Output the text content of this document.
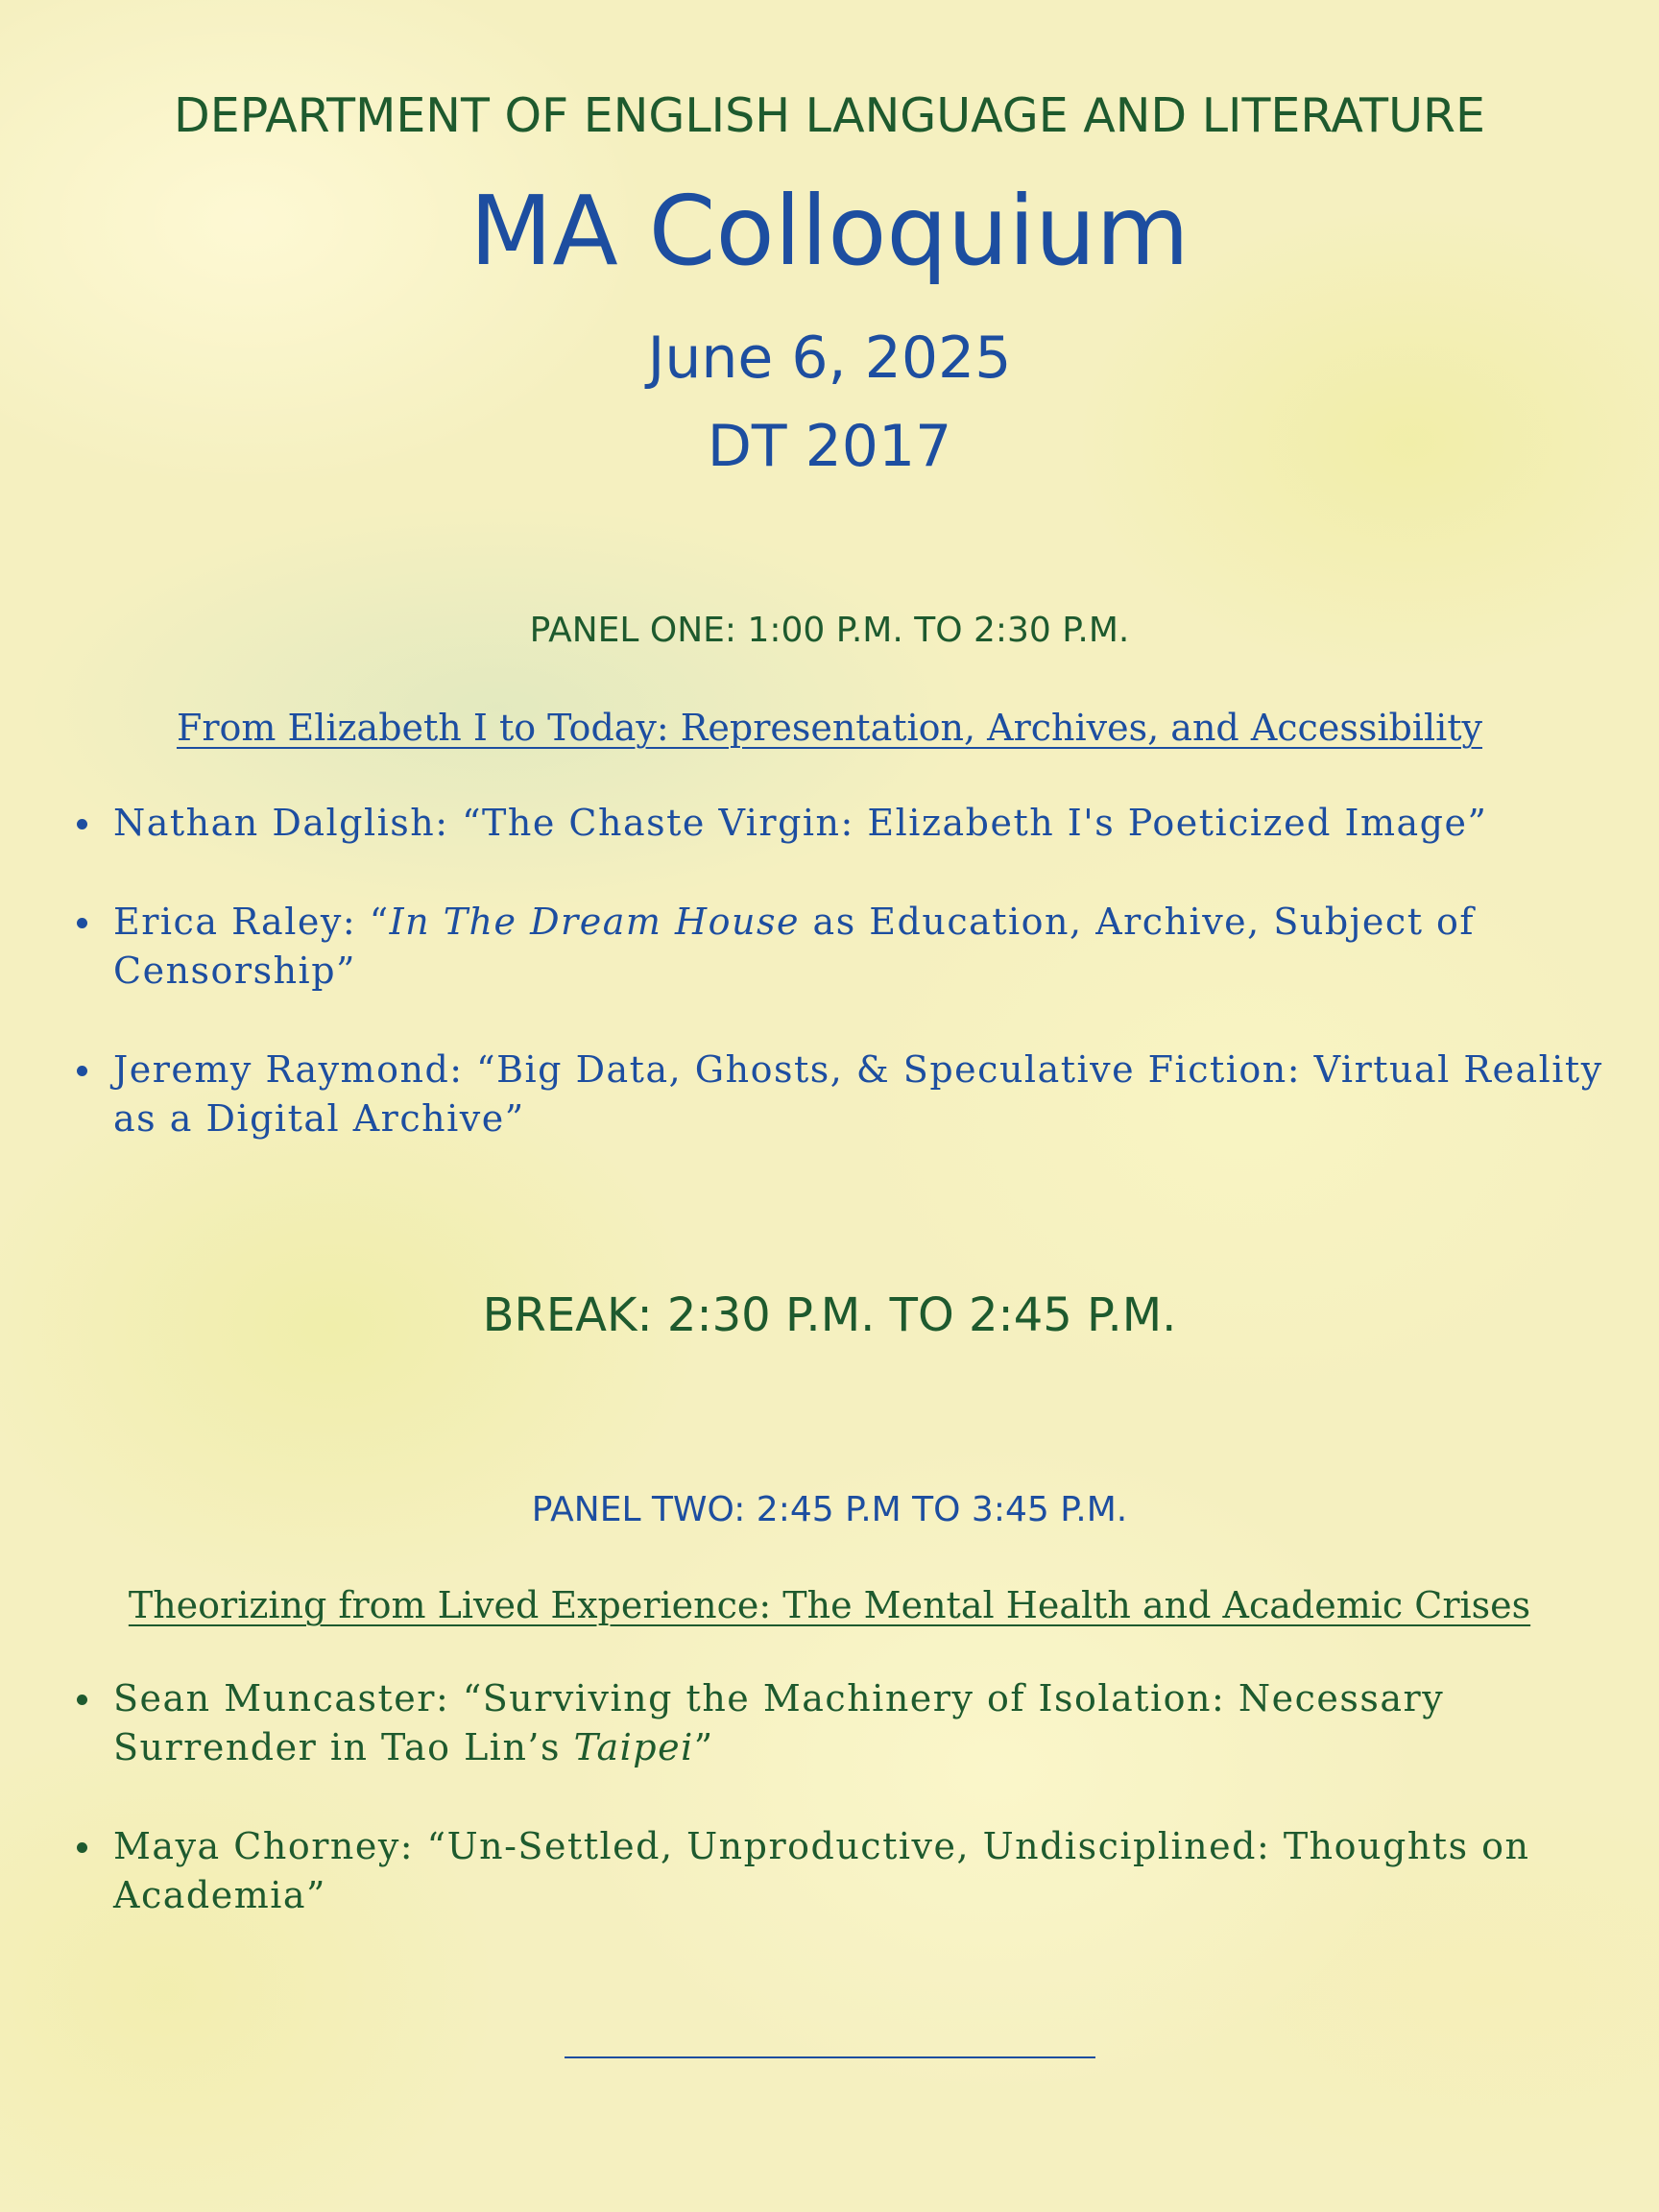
DEPARTMENT OF ENGLISH LANGUAGE AND LITERATURE
MA Colloquium
June 6, 2025
DT 2017
PANEL ONE: 1:00 P.M. TO 2:30 P.M.
From Elizabeth I to Today: Representation, Archives, and Accessibility
Nathan Dalglish: “The Chaste Virgin: Elizabeth I's Poeticized Image”
Erica Raley: “In The Dream House as Education, Archive, Subject of Censorship”
Jeremy Raymond: “Big Data, Ghosts, & Speculative Fiction: Virtual Reality as a Digital Archive”
BREAK: 2:30 P.M. TO 2:45 P.M.
PANEL TWO: 2:45 P.M TO 3:45 P.M.
Theorizing from Lived Experience: The Mental Health and Academic Crises
Sean Muncaster: “Surviving the Machinery of Isolation: Necessary Surrender in Tao Lin’s Taipei”
Maya Chorney: “Un-Settled, Unproductive, Undisciplined: Thoughts on Academia”
